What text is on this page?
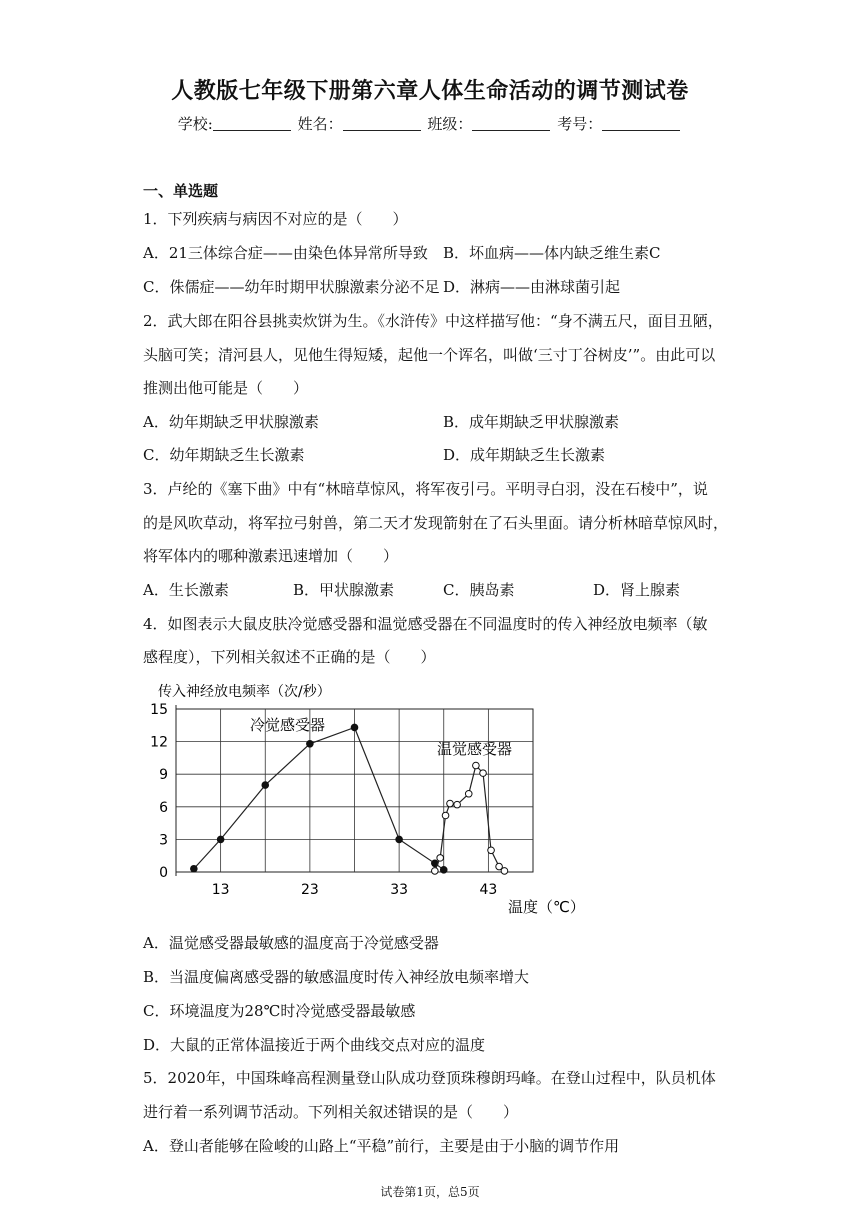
人教版七年级下册第六章人体生命活动的调节测试卷
学校:	姓名：	班级：	考号：
一、单选题
1．下列疾病与病因不对应的是（　　）
A．21三体综合症——由染色体异常所导致 B．坏血病——体内缺乏维生素C
C．侏儒症——幼年时期甲状腺激素分泌不足 D．淋病——由淋球菌引起
2．武大郎在阳谷县挑卖炊饼为生。《水浒传》中这样描写他：“身不满五尺，面目丑陋，
头脑可笑；清河县人，见他生得短矮，起他一个诨名，叫做‘三寸丁谷树皮’”。由此可以
推测出他可能是（　　）
A．幼年期缺乏甲状腺激素	B．成年期缺乏甲状腺激素
C．幼年期缺乏生长激素	D．成年期缺乏生长激素
3．卢纶的《塞下曲》中有“林暗草惊风，将军夜引弓。平明寻白羽，没在石棱中”，说
的是风吹草动，将军拉弓射兽，第二天才发现箭射在了石头里面。请分析林暗草惊风时，
将军体内的哪种激素迅速增加（　　）
A．生长激素	B．甲状腺激素	C．胰岛素	D．肾上腺素
4．如图表示大鼠皮肤冷觉感受器和温觉感受器在不同温度时的传入神经放电频率（敏
感程度），下列相关叙述不正确的是（　　）
传入神经放电频率（次/秒）
0
3
6
9
12
15
13	23	33	43
温度（℃）
冷觉感受器
温觉感受器
A．温觉感受器最敏感的温度高于冷觉感受器
B．当温度偏离感受器的敏感温度时传入神经放电频率增大
C．环境温度为28℃时冷觉感受器最敏感
D．大鼠的正常体温接近于两个曲线交点对应的温度
5．2020年，中国珠峰高程测量登山队成功登顶珠穆朗玛峰。在登山过程中，队员机体
进行着一系列调节活动。下列相关叙述错误的是（　　）
A．登山者能够在险峻的山路上“平稳”前行，主要是由于小脑的调节作用
试卷第1页，总5页
